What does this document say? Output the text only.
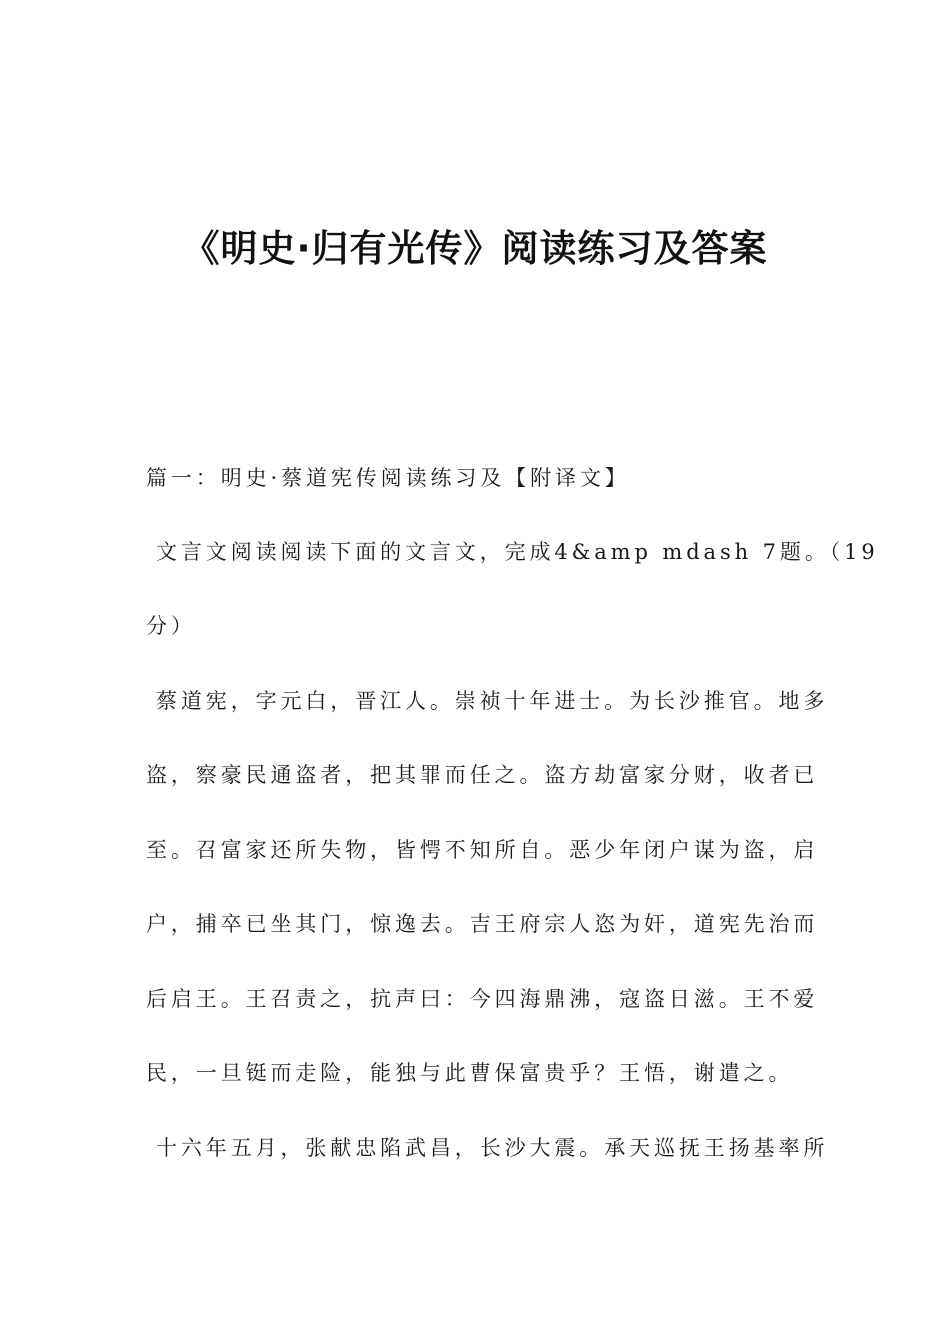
《明史·归有光传》阅读练习及答案
篇一：明史·蔡道宪传阅读练习及【附译文】
文言文阅读阅读下面的文言文，完成4&amp mdash 7题。（19
分）
蔡道宪，字元白，晋江人。崇祯十年进士。为长沙推官。地多
盗，察豪民通盗者，把其罪而任之。盗方劫富家分财，收者已
至。召富家还所失物，皆愕不知所自。恶少年闭户谋为盗，启
户，捕卒已坐其门，惊逸去。吉王府宗人恣为奸，道宪先治而
后启王。王召责之，抗声曰：今四海鼎沸，寇盗日滋。王不爱
民，一旦铤而走险，能独与此曹保富贵乎？王悟，谢遣之。
十六年五月，张献忠陷武昌，长沙大震。承天巡抚王扬基率所
